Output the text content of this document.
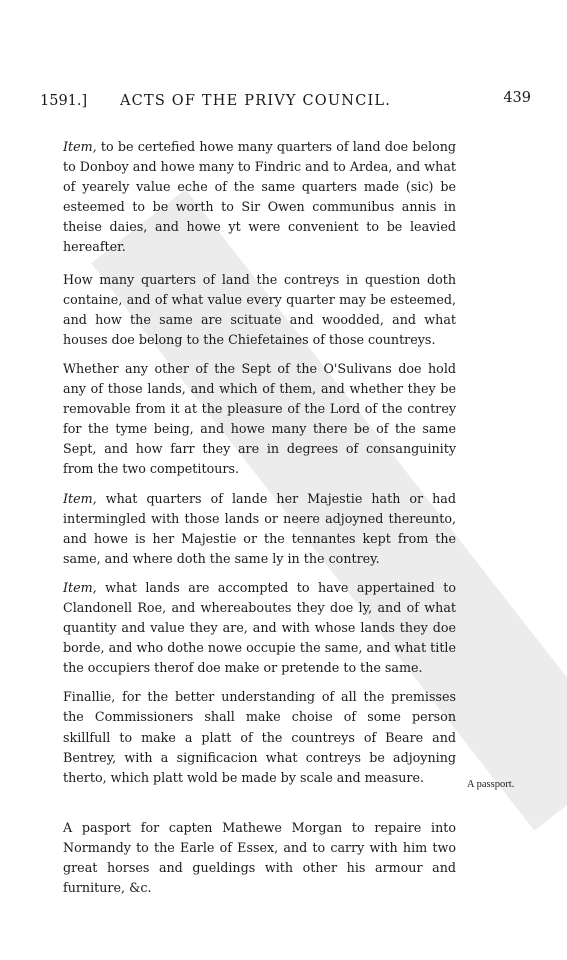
1591.] ACTS OF THE PRIVY COUNCIL.	439

Item, to be certefied howe many quarters of land doe belong to Donboy and howe many to Findric and to Ardea, and what of yearely value eche of the same quarters made (sic) be esteemed to be worth to Sir Owen communibus annis in theise daies, and howe yt were convenient to be leavied hereafter.

How many quarters of land the contreys in question doth containe, and of what value every quarter may be esteemed, and how the same are scituate and woodded, and what houses doe belong to the Chiefetaines of those countreys.

Whether any other of the Sept of the O'Sulivans doe hold any of those lands, and which of them, and whether they be removable from it at the pleasure of the Lord of the contrey for the tyme being, and howe many there be of the same Sept, and how farr they are in degrees of consanguinity from the two competitours.

Item, what quarters of lande her Majestie hath or had intermingled with those lands or neere adjoyned thereunto, and howe is her Majestie or the tennantes kept from the same, and where doth the same ly in the contrey.

Item, what lands are accompted to have appertained to Clandonell Roe, and whereaboutes they doe ly, and of what quantity and value they are, and with whose lands they doe borde, and who dothe nowe occupie the same, and what title the occupiers therof doe make or pretende to the same.

Finallie, for the better understanding of all the premisses the Commissioners shall make choise of some person skillfull to make a platt of the countreys of Beare and Bentrey, with a significacion what contreys be adjoyning therto, which platt wold be made by scale and measure.

A pasport for capten Mathewe Morgan to repaire into Normandy to the Earle of Essex, and to carry with him two great horses and gueldings with other his armour and furniture, &c.

A passport.
